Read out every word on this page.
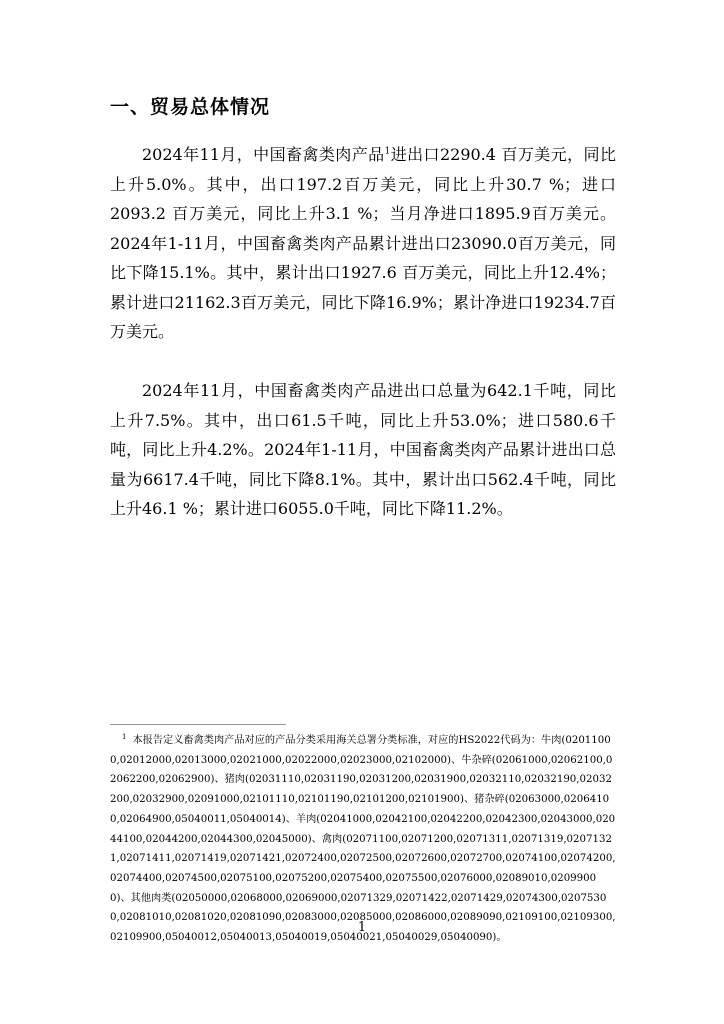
一、贸易总体情况

2024年11月，中国畜禽类肉产品$^1$进出口2290.4 百万美元，同比上升5.0%。其中，出口197.2百万美元，同比上升30.7 %；进口2093.2 百万美元，同比上升3.1 %；当月净进口1895.9百万美元。2024年1-11月，中国畜禽类肉产品累计进出口23090.0百万美元，同比下降15.1%。其中，累计出口1927.6 百万美元，同比上升12.4%；累计进口21162.3百万美元，同比下降16.9%；累计净进口19234.7百万美元。

2024年11月，中国畜禽类肉产品进出口总量为642.1千吨，同比上升7.5%。其中，出口61.5千吨，同比上升53.0%；进口580.6千吨，同比上升4.2%。2024年1-11月，中国畜禽类肉产品累计进出口总量为6617.4千吨，同比下降8.1%。其中，累计出口562.4千吨，同比上升46.1 %；累计进口6055.0千吨，同比下降11.2%。

$^1$ 本报告定义畜禽类肉产品对应的产品分类采用海关总署分类标准，对应的HS2022代码为：牛肉(02011000,02012000,02013000,02021000,02022000,02023000,02102000)、牛杂碎(02061000,02062100,02062200,02062900)、猪肉(02031110,02031190,02031200,02031900,02032110,02032190,02032200,02032900,02091000,02101110,02101190,02101200,02101900)、猪杂碎(02063000,02064100,02064900,05040011,05040014)、羊肉(02041000,02042100,02042200,02042300,02043000,02044100,02044200,02044300,02045000)、禽肉(02071100,02071200,02071311,02071319,02071321,02071411,02071419,02071421,02072400,02072500,02072600,02072700,02074100,02074200,02074400,02074500,02075100,02075200,02075400,02075500,02076000,02089010,02099000)、其他肉类(02050000,02068000,02069000,02071329,02071422,02071429,02074300,02075300,02081010,02081020,02081090,02083000,02085000,02086000,02089090,02109100,02109300,02109900,05040012,05040013,05040019,05040021,05040029,05040090)。

1
